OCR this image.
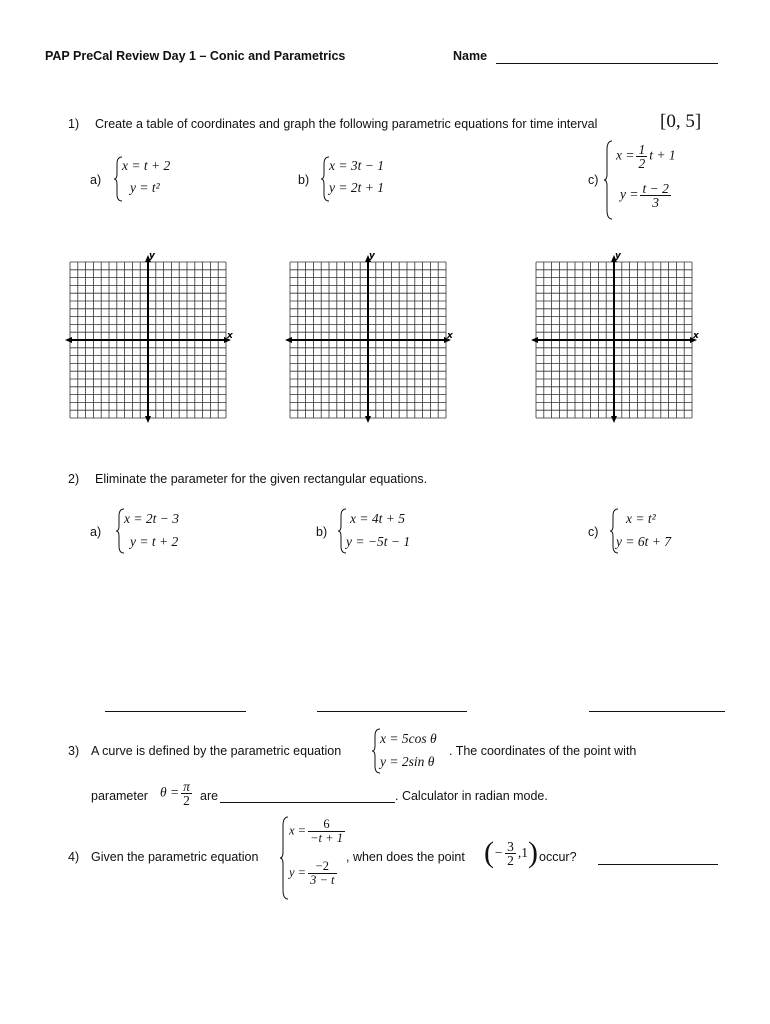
PAP PreCal Review Day 1 – Conic and Parametrics	Name
1) Create a table of coordinates and graph the following parametric equations for time interval	[0, 5]
a)
x = t + 2
y = t²	b)
x = 3t − 1
y = 2t + 1	c)
$x = \frac{1}{2}$ t + 1
$y = \frac{t - 2}{3}$
y
x
y
x
y
x
2) Eliminate the parameter for the given rectangular equations.
a)
x = 2t − 3
y = t + 2
b)
x = 4t + 5
y = −5t − 1
c)
x = t²
y = 6t + 7
3) A curve is defined by the parametric equation
x = 5cos θ
y = 2sin θ
. The coordinates of the point with
parameter $\theta = \frac{\pi}{2}$ are	. Calculator in radian mode.
4) Given the parametric equation
$x = \frac{6}{-t + 1}$
$y = \frac{-2}{3 - t}$
, when does the point (− $\frac{3}{2} ,1$) occur?
